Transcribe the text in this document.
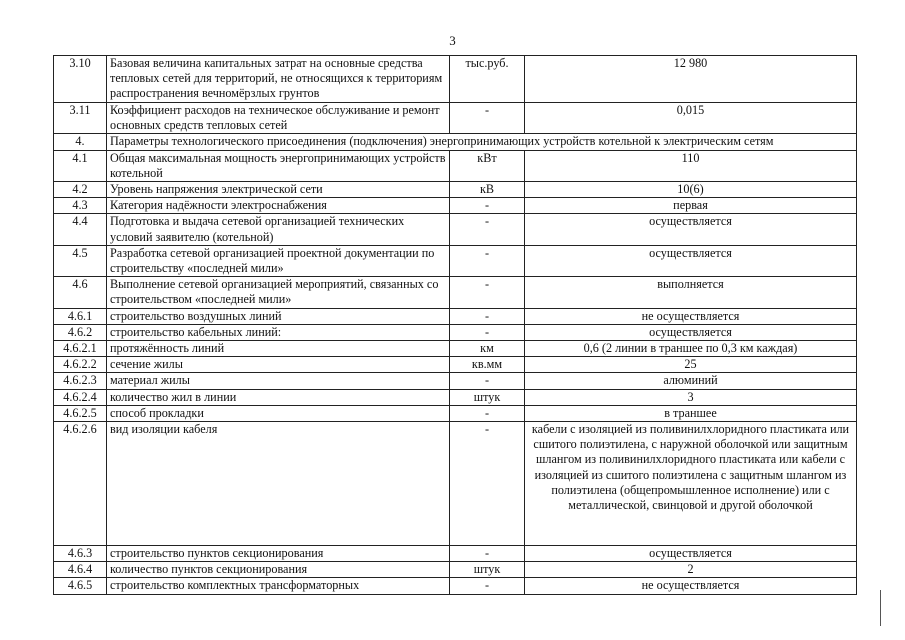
3
3.10	Базовая величина капитальных затрат на основные средства тепловых сетей для территорий, не относящихся к территориям распространения вечномёрзлых грунтов	тыс.руб.	12 980
3.11	Коэффициент расходов на техническое обслуживание и ремонт основных средств тепловых сетей	-	0,015
4.	Параметры технологического присоединения (подключения) энергопринимающих устройств котельной к электрическим сетям		
4.1	Общая максимальная мощность энергопринимающих устройств котельной	кВт	110
4.2	Уровень напряжения электрической сети	кВ	10(6)
4.3	Категория надёжности электроснабжения	-	первая
4.4	Подготовка и выдача сетевой организацией технических условий заявителю (котельной)	-	осуществляется
4.5	Разработка сетевой организацией проектной документации по строительству «последней мили»	-	осуществляется
4.6	Выполнение сетевой организацией мероприятий, связанных со строительством «последней мили»	-	выполняется
4.6.1	строительство воздушных линий	-	не осуществляется
4.6.2	строительство кабельных линий:	-	осуществляется
4.6.2.1	протяжённость линий	км	0,6 (2 линии в траншее по 0,3 км каждая)
4.6.2.2	сечение жилы	кв.мм	25
4.6.2.3	материал жилы	-	алюминий
4.6.2.4	количество жил в линии	штук	3
4.6.2.5	способ прокладки	-	в траншее
4.6.2.6	вид изоляции кабеля	-	кабели с изоляцией из поливинилхлоридного пластиката или сшитого полиэтилена, с наружной оболочкой или защитным шлангом из поливинилхлоридного пластиката или кабели с изоляцией из сшитого полиэтилена с защитным шлангом из полиэтилена (общепромышленное исполнение) или с металлической, свинцовой и другой оболочкой
4.6.3	строительство пунктов секционирования	-	осуществляется
4.6.4	количество пунктов секционирования	штук	2
4.6.5	строительство комплектных трансформаторных	-	не осуществляется
